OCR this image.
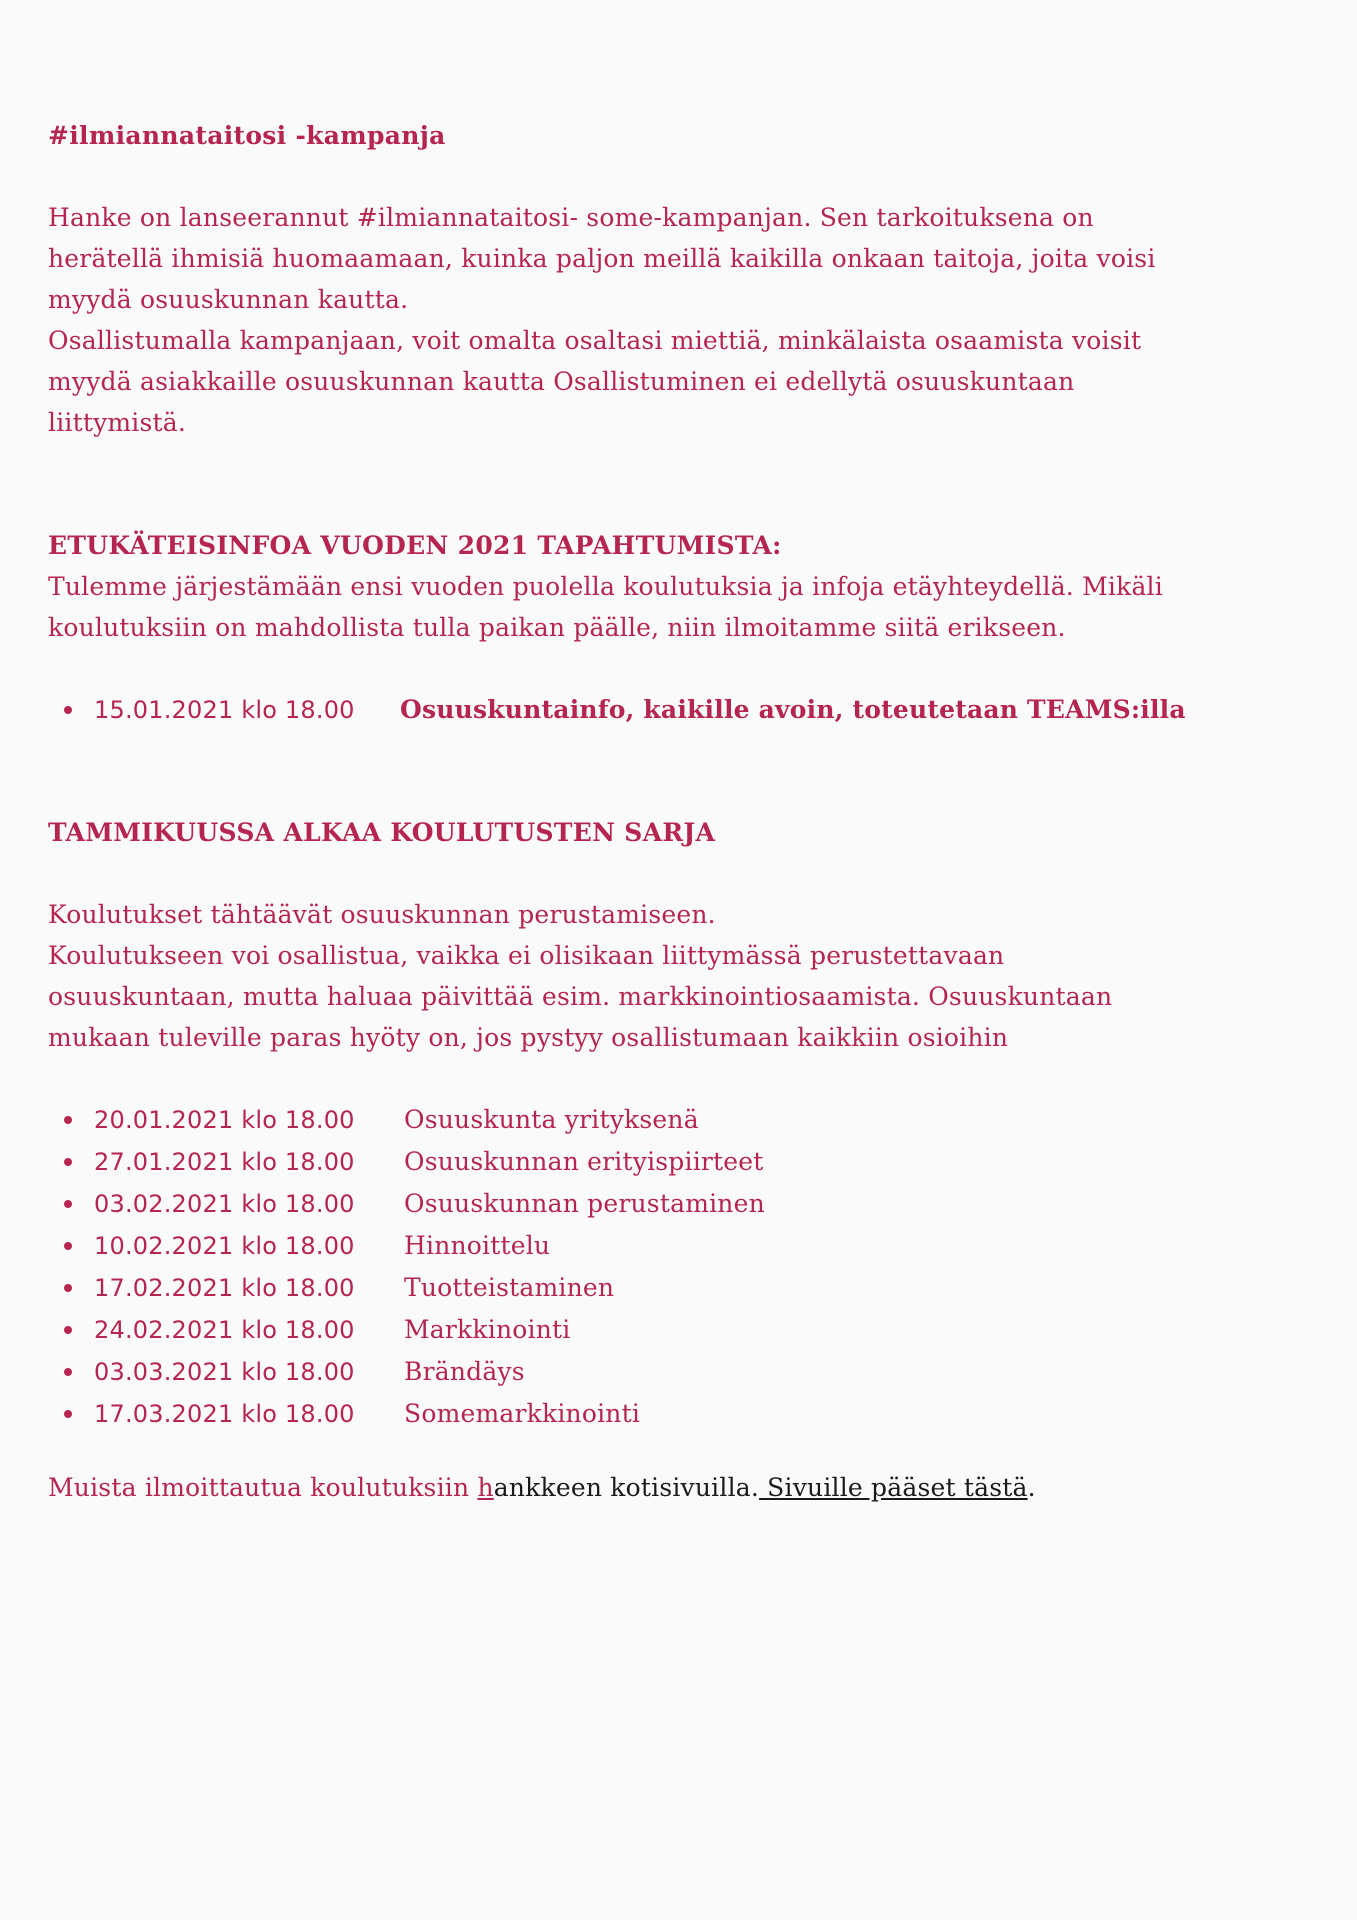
#ilmiannataitosi -kampanja

Hanke on lanseerannut #ilmiannataitosi- some-kampanjan. Sen tarkoituksena on

herätellä ihmisiä huomaamaan, kuinka paljon meillä kaikilla onkaan taitoja, joita voisi

myydä osuuskunnan kautta.

Osallistumalla kampanjaan, voit omalta osaltasi miettiä, minkälaista osaamista voisit

myydä asiakkaille osuuskunnan kautta Osallistuminen ei edellytä osuuskuntaan

liittymistä.

ETUKÄTEISINFOA VUODEN 2021 TAPAHTUMISTA:

Tulemme järjestämään ensi vuoden puolella koulutuksia ja infoja etäyhteydellä. Mikäli

koulutuksiin on mahdollista tulla paikan päälle, niin ilmoitamme siitä erikseen.

15.01.2021 klo 18.00 Osuuskuntainfo, kaikille avoin, toteutetaan TEAMS:illa

TAMMIKUUSSA ALKAA KOULUTUSTEN SARJA

Koulutukset tähtäävät osuuskunnan perustamiseen.

Koulutukseen voi osallistua, vaikka ei olisikaan liittymässä perustettavaan

osuuskuntaan, mutta haluaa päivittää esim. markkinointiosaamista. Osuuskuntaan

mukaan tuleville paras hyöty on, jos pystyy osallistumaan kaikkiin osioihin

20.01.2021 klo 18.00 Osuuskunta yrityksenä
27.01.2021 klo 18.00 Osuuskunnan erityispiirteet
03.02.2021 klo 18.00 Osuuskunnan perustaminen
10.02.2021 klo 18.00 Hinnoittelu
17.02.2021 klo 18.00 Tuotteistaminen
24.02.2021 klo 18.00 Markkinointi
03.03.2021 klo 18.00 Brändäys
17.03.2021 klo 18.00 Somemarkkinointi

Muista ilmoittautua koulutuksiin hankkeen kotisivuilla. Sivuille pääset tästä.
